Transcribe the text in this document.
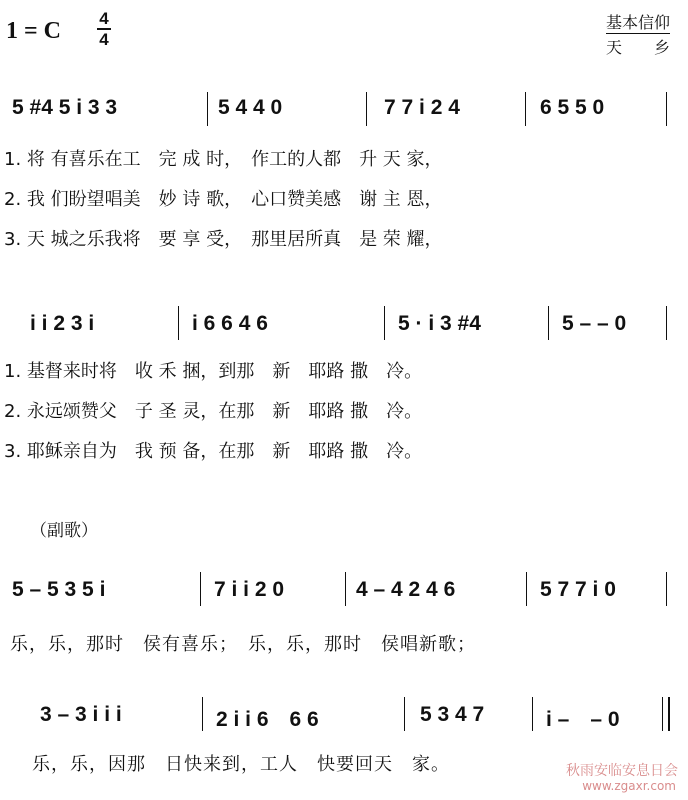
1 = C	4
4
基本信仰
天　　乡
5 #4 5 i 3 3	5 4 4 0	7 7 i 2 4	6 5 5 0
1. 将 有喜乐在工　完 成 时，　作工的人都　升 天 家，
2. 我 们盼望唱美　妙 诗 歌，　心口赞美感　谢 主 恩，
3. 天 城之乐我将　要 享 受，　那里居所真　是 荣 耀，
i i 2 3 i	i 6 6 4 6	5 · i 3 #4	5 – – 0
1. 基督来时将　收 禾 捆，到那　新　耶路 撒　冷。
2. 永远颂赞父　子 圣 灵，在那　新　耶路 撒　冷。
3. 耶稣亲自为　我 预 备，在那　新　耶路 撒　冷。
（副歌）
5 – 5 3 5 i	7 i i 2 0	4 – 4 2 4 6	5 7 7 i 0
乐，乐，那时　侯有喜乐；　乐，乐，那时　侯唱新歌；
3 – 3 i i i	2 i i 6　6 6	5 3 4 7	i –　– 0
乐，乐，因那　日快来到，工人　快要回天　家。	秋雨安临安息日会
www.zgaxr.com
